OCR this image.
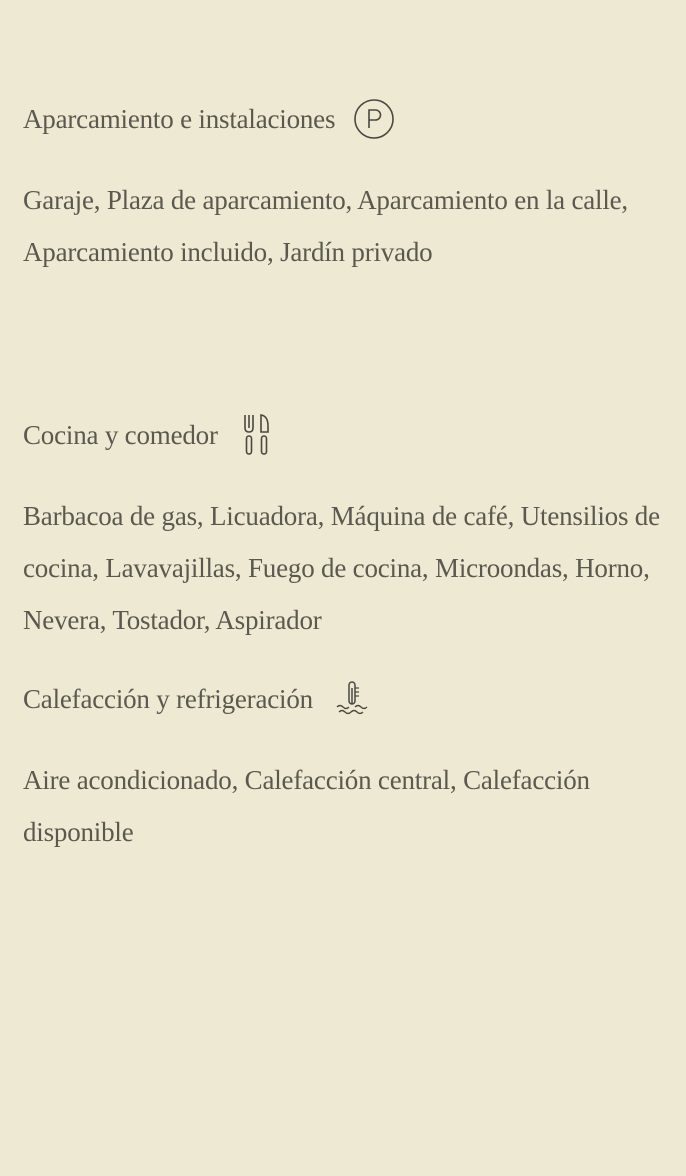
Aparcamiento e instalaciones
Garaje, Plaza de aparcamiento, Aparcamiento en la calle, Aparcamiento incluido, Jardín privado
Cocina y comedor
Barbacoa de gas, Licuadora, Máquina de café, Utensilios de cocina, Lavavajillas, Fuego de cocina, Microondas, Horno, Nevera, Tostador, Aspirador
Calefacción y refrigeración
Aire acondicionado, Calefacción central, Calefacción disponible
